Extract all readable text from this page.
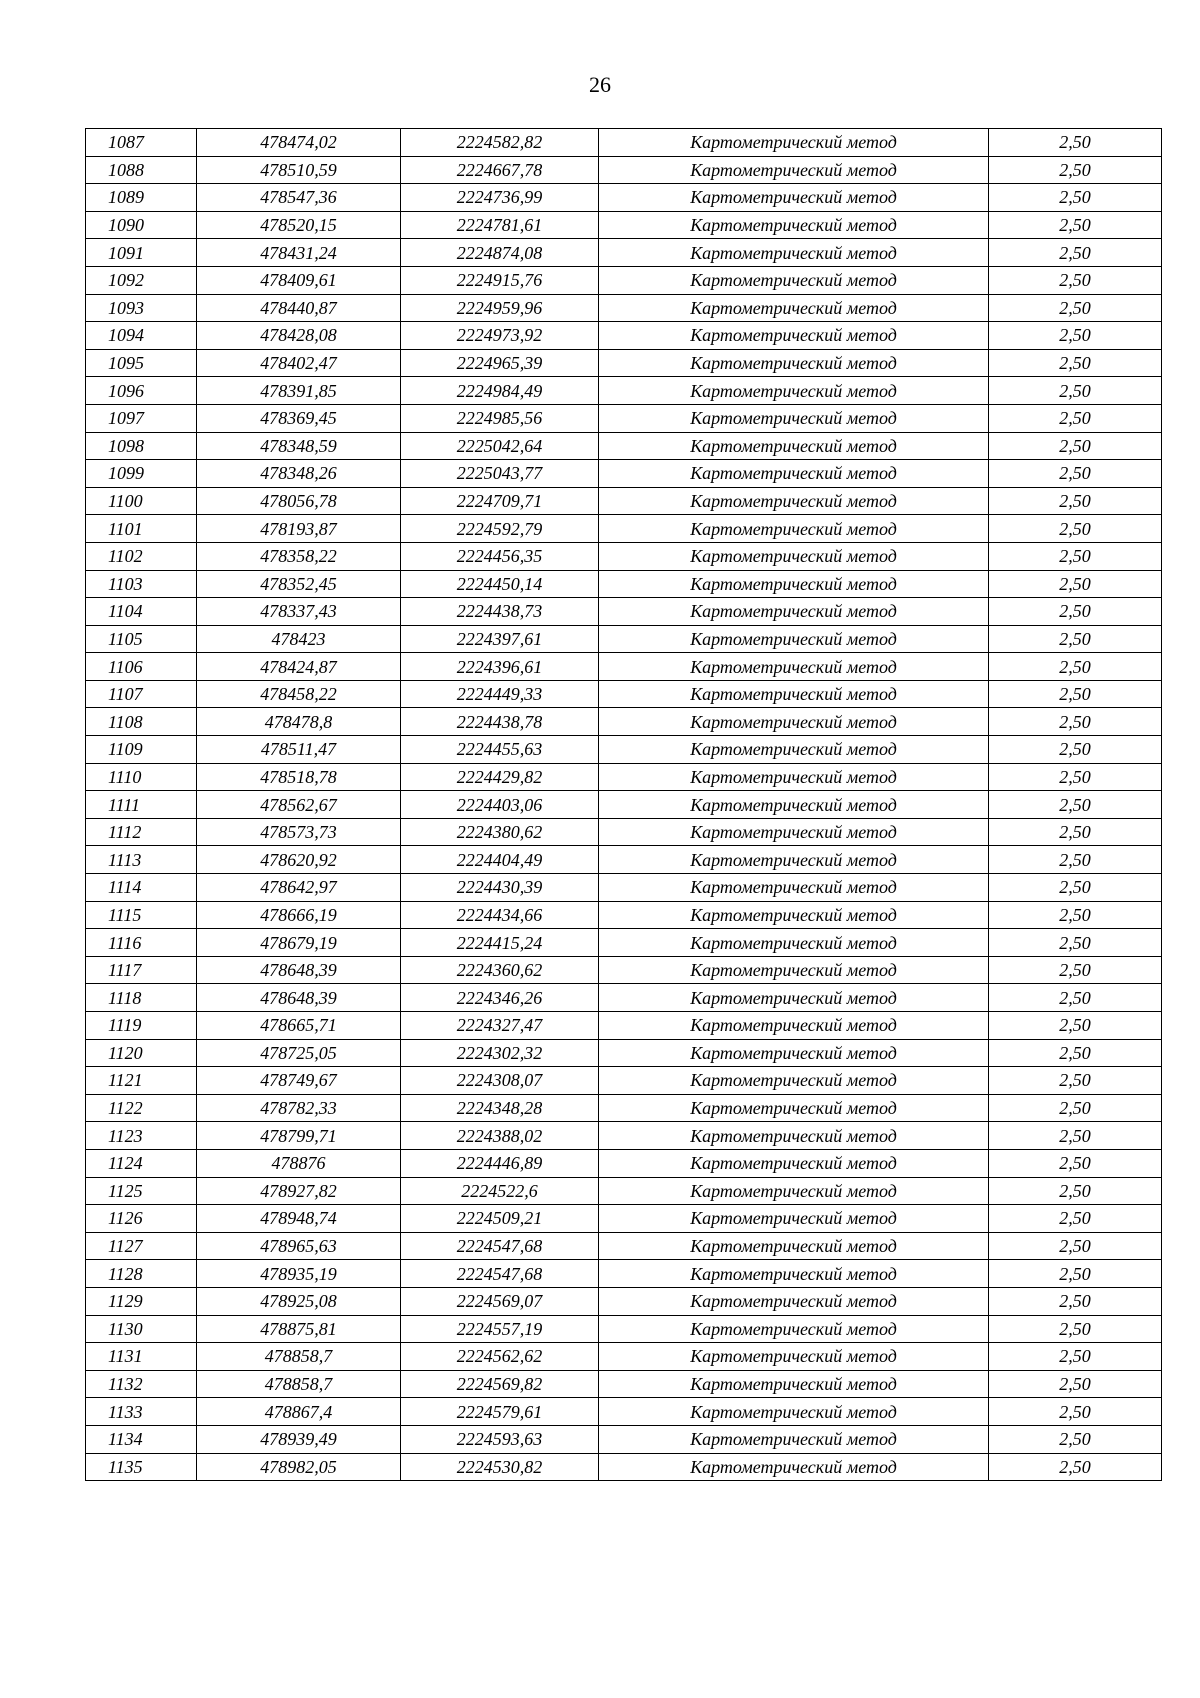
26
1087	478474,02	2224582,82	Картометрический метод	2,50
1088	478510,59	2224667,78	Картометрический метод	2,50
1089	478547,36	2224736,99	Картометрический метод	2,50
1090	478520,15	2224781,61	Картометрический метод	2,50
1091	478431,24	2224874,08	Картометрический метод	2,50
1092	478409,61	2224915,76	Картометрический метод	2,50
1093	478440,87	2224959,96	Картометрический метод	2,50
1094	478428,08	2224973,92	Картометрический метод	2,50
1095	478402,47	2224965,39	Картометрический метод	2,50
1096	478391,85	2224984,49	Картометрический метод	2,50
1097	478369,45	2224985,56	Картометрический метод	2,50
1098	478348,59	2225042,64	Картометрический метод	2,50
1099	478348,26	2225043,77	Картометрический метод	2,50
1100	478056,78	2224709,71	Картометрический метод	2,50
1101	478193,87	2224592,79	Картометрический метод	2,50
1102	478358,22	2224456,35	Картометрический метод	2,50
1103	478352,45	2224450,14	Картометрический метод	2,50
1104	478337,43	2224438,73	Картометрический метод	2,50
1105	478423	2224397,61	Картометрический метод	2,50
1106	478424,87	2224396,61	Картометрический метод	2,50
1107	478458,22	2224449,33	Картометрический метод	2,50
1108	478478,8	2224438,78	Картометрический метод	2,50
1109	478511,47	2224455,63	Картометрический метод	2,50
1110	478518,78	2224429,82	Картометрический метод	2,50
1111	478562,67	2224403,06	Картометрический метод	2,50
1112	478573,73	2224380,62	Картометрический метод	2,50
1113	478620,92	2224404,49	Картометрический метод	2,50
1114	478642,97	2224430,39	Картометрический метод	2,50
1115	478666,19	2224434,66	Картометрический метод	2,50
1116	478679,19	2224415,24	Картометрический метод	2,50
1117	478648,39	2224360,62	Картометрический метод	2,50
1118	478648,39	2224346,26	Картометрический метод	2,50
1119	478665,71	2224327,47	Картометрический метод	2,50
1120	478725,05	2224302,32	Картометрический метод	2,50
1121	478749,67	2224308,07	Картометрический метод	2,50
1122	478782,33	2224348,28	Картометрический метод	2,50
1123	478799,71	2224388,02	Картометрический метод	2,50
1124	478876	2224446,89	Картометрический метод	2,50
1125	478927,82	2224522,6	Картометрический метод	2,50
1126	478948,74	2224509,21	Картометрический метод	2,50
1127	478965,63	2224547,68	Картометрический метод	2,50
1128	478935,19	2224547,68	Картометрический метод	2,50
1129	478925,08	2224569,07	Картометрический метод	2,50
1130	478875,81	2224557,19	Картометрический метод	2,50
1131	478858,7	2224562,62	Картометрический метод	2,50
1132	478858,7	2224569,82	Картометрический метод	2,50
1133	478867,4	2224579,61	Картометрический метод	2,50
1134	478939,49	2224593,63	Картометрический метод	2,50
1135	478982,05	2224530,82	Картометрический метод	2,50
